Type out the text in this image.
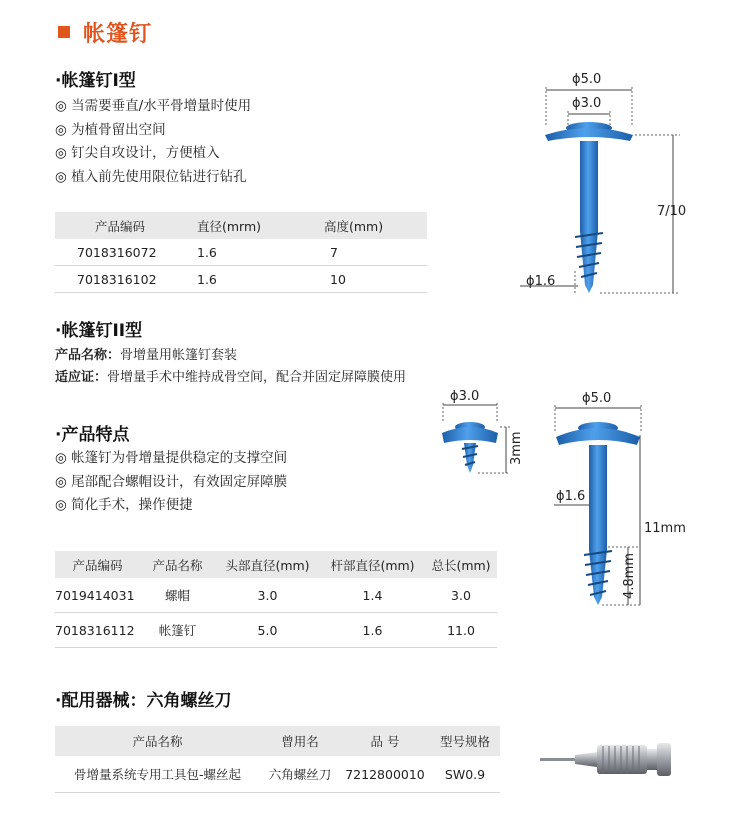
帐篷钉
·帐篷钉I型
◎ 当需要垂直/水平骨增量时使用
◎ 为植骨留出空间
◎ 钉尖自攻设计，方便植入
◎ 植入前先使用限位钻进行钻孔
产品编码	直径(mrm)	高度(mm)
7018316072	1.6	7
7018316102	1.6	10
ϕ5.0
ϕ3.0
7/10
ϕ1.6
·帐篷钉II型
产品名称：骨增量用帐篷钉套装
适应证：骨增量手术中维持成骨空间，配合并固定屏障膜使用
·产品特点
◎ 帐篷钉为骨增量提供稳定的支撑空间
◎ 尾部配合螺帽设计，有效固定屏障膜
◎ 简化手术，操作便捷
ϕ3.0
3mm
ϕ5.0
ϕ1.6
11mm
4.8mm
产品编码	产品名称	头部直径(mm)	杆部直径(mm)	总长(mm)
7019414031	螺帽	3.0	1.4	3.0
7018316112	帐篷钉	5.0	1.6	11.0
·配用器械：六角螺丝刀
产品名称	曾用名	品 号	型号规格
骨增量系统专用工具包-螺丝起	六角螺丝刀	7212800010	SW0.9
